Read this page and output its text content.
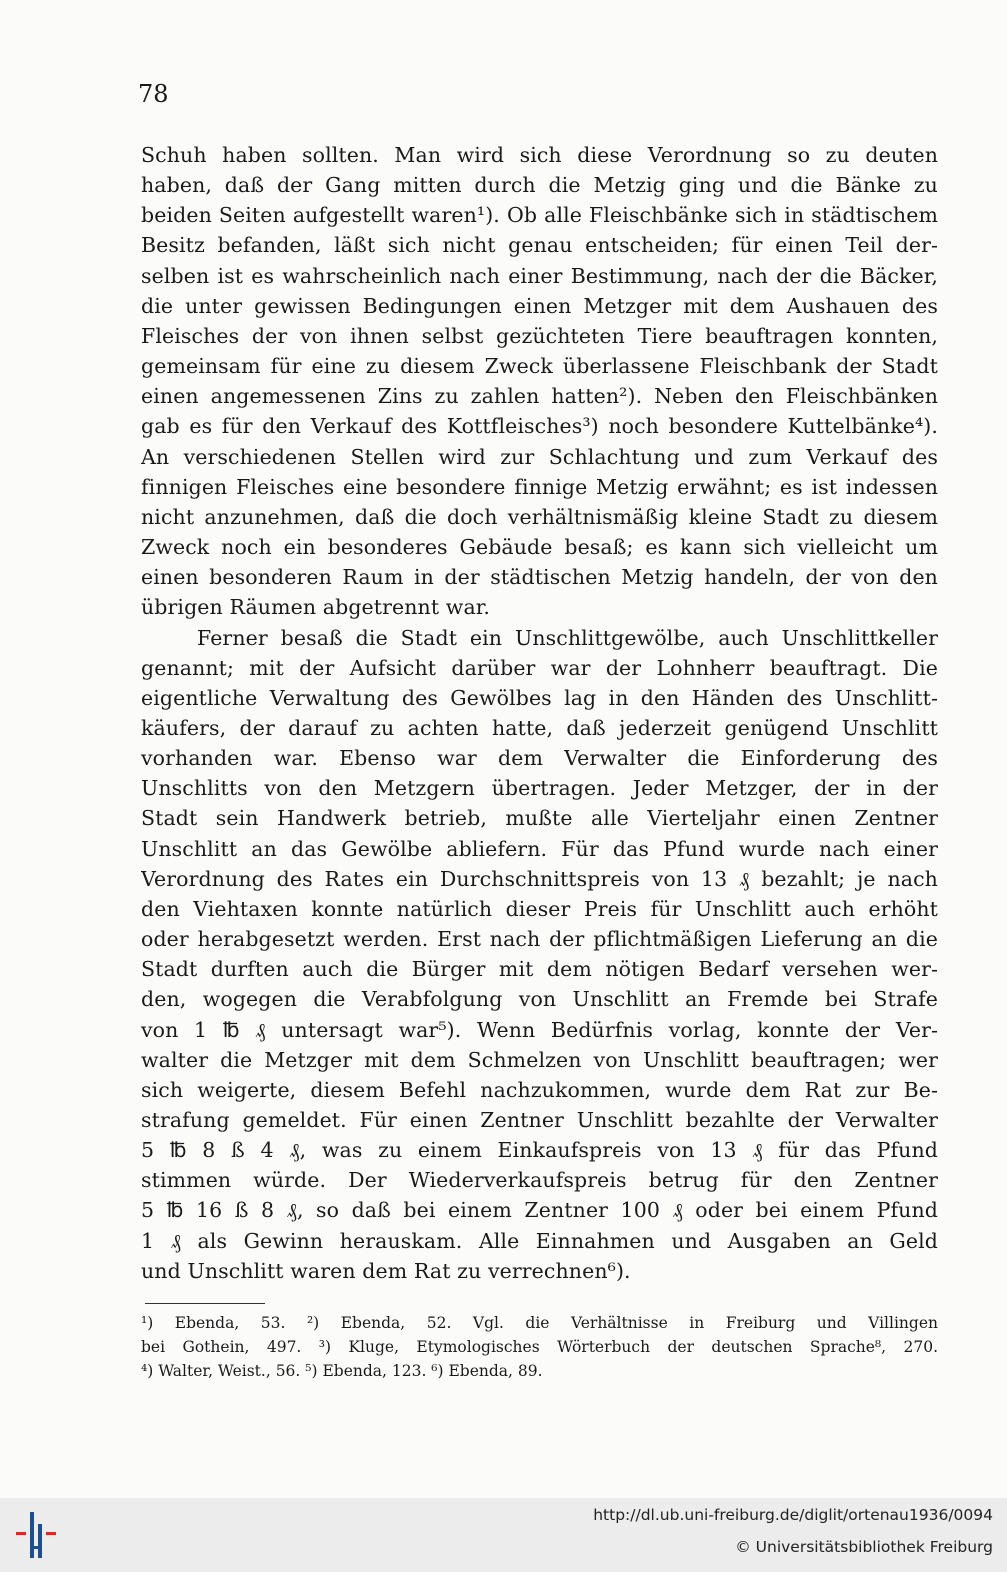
78
Schuh haben sollten. Man wird sich diese Verordnung so zu deuten
haben, daß der Gang mitten durch die Metzig ging und die Bänke zu
beiden Seiten aufgestellt waren¹). Ob alle Fleischbänke sich in städtischem
Besitz befanden, läßt sich nicht genau entscheiden; für einen Teil der-
selben ist es wahrscheinlich nach einer Bestimmung, nach der die Bäcker,
die unter gewissen Bedingungen einen Metzger mit dem Aushauen des
Fleisches der von ihnen selbst gezüchteten Tiere beauftragen konnten,
gemeinsam für eine zu diesem Zweck überlassene Fleischbank der Stadt
einen angemessenen Zins zu zahlen hatten²). Neben den Fleischbänken
gab es für den Verkauf des Kottfleisches³) noch besondere Kuttelbänke⁴).
An verschiedenen Stellen wird zur Schlachtung und zum Verkauf des
finnigen Fleisches eine besondere finnige Metzig erwähnt; es ist indessen
nicht anzunehmen, daß die doch verhältnismäßig kleine Stadt zu diesem
Zweck noch ein besonderes Gebäude besaß; es kann sich vielleicht um
einen besonderen Raum in der städtischen Metzig handeln, der von den
übrigen Räumen abgetrennt war.
Ferner besaß die Stadt ein Unschlittgewölbe, auch Unschlittkeller
genannt; mit der Aufsicht darüber war der Lohnherr beauftragt. Die
eigentliche Verwaltung des Gewölbes lag in den Händen des Unschlitt-
käufers, der darauf zu achten hatte, daß jederzeit genügend Unschlitt
vorhanden war. Ebenso war dem Verwalter die Einforderung des
Unschlitts von den Metzgern übertragen. Jeder Metzger, der in der
Stadt sein Handwerk betrieb, mußte alle Vierteljahr einen Zentner
Unschlitt an das Gewölbe abliefern. Für das Pfund wurde nach einer
Verordnung des Rates ein Durchschnittspreis von 13 ₰ bezahlt; je nach
den Viehtaxen konnte natürlich dieser Preis für Unschlitt auch erhöht
oder herabgesetzt werden. Erst nach der pflichtmäßigen Lieferung an die
Stadt durften auch die Bürger mit dem nötigen Bedarf versehen wer-
den, wogegen die Verabfolgung von Unschlitt an Fremde bei Strafe
von 1 ℔ ₰ untersagt war⁵). Wenn Bedürfnis vorlag, konnte der Ver-
walter die Metzger mit dem Schmelzen von Unschlitt beauftragen; wer
sich weigerte, diesem Befehl nachzukommen, wurde dem Rat zur Be-
strafung gemeldet. Für einen Zentner Unschlitt bezahlte der Verwalter
5 ℔ 8 ß 4 ₰, was zu einem Einkaufspreis von 13 ₰ für das Pfund
stimmen würde. Der Wiederverkaufspreis betrug für den Zentner
5 ℔ 16 ß 8 ₰, so daß bei einem Zentner 100 ₰ oder bei einem Pfund
1 ₰ als Gewinn herauskam. Alle Einnahmen und Ausgaben an Geld
und Unschlitt waren dem Rat zu verrechnen⁶).
¹) Ebenda, 53. ²) Ebenda, 52. Vgl. die Verhältnisse in Freiburg und Villingen
bei Gothein, 497. ³) Kluge, Etymologisches Wörterbuch der deutschen Sprache⁸, 270.
⁴) Walter, Weist., 56. ⁵) Ebenda, 123. ⁶) Ebenda, 89.
http://dl.ub.uni-freiburg.de/diglit/ortenau1936/0094
© Universitätsbibliothek Freiburg
